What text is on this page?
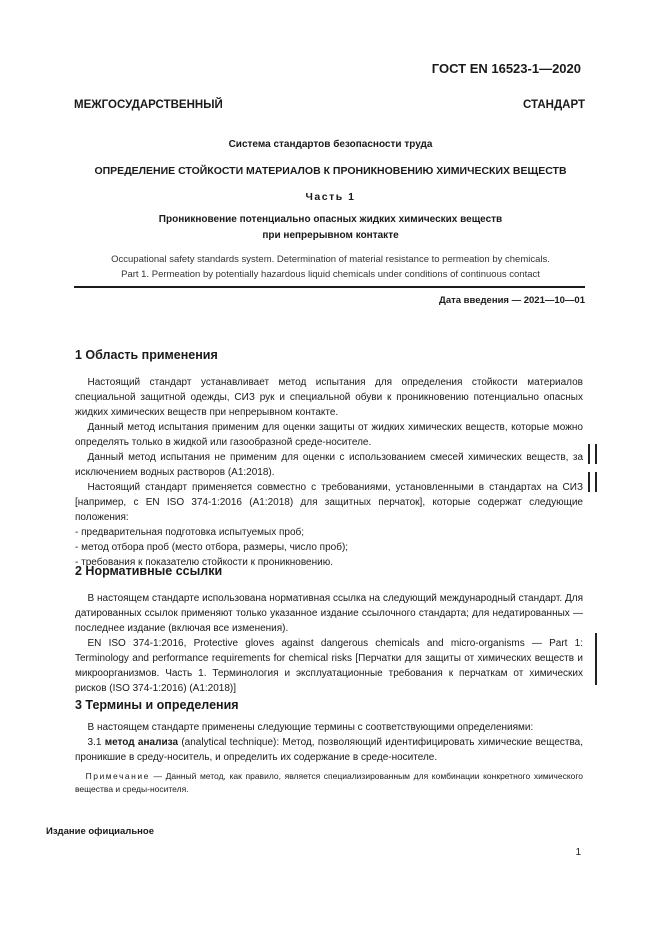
ГОСТ EN 16523-1—2020
МЕЖГОСУДАРСТВЕННЫЙ СТАНДАРТ
Система стандартов безопасности труда
ОПРЕДЕЛЕНИЕ СТОЙКОСТИ МАТЕРИАЛОВ К ПРОНИКНОВЕНИЮ ХИМИЧЕСКИХ ВЕЩЕСТВ
Часть 1
Проникновение потенциально опасных жидких химических веществ
при непрерывном контакте
Occupational safety standards system. Determination of material resistance to permeation by chemicals.
Part 1. Permeation by potentially hazardous liquid chemicals under conditions of continuous contact
Дата введения — 2021—10—01
1 Область применения

Настоящий стандарт устанавливает метод испытания для определения стойкости материалов специальной защитной одежды, СИЗ рук и специальной обуви к проникновению потенциально опасных жидких химических веществ при непрерывном контакте.

Данный метод испытания применим для оценки защиты от жидких химических веществ, которые можно определять только в жидкой или газообразной среде-носителе.

Данный метод испытания не применим для оценки с использованием смесей химических веществ, за исключением водных растворов (A1:2018).

Настоящий стандарт применяется совместно с требованиями, установленными в стандартах на СИЗ [например, с EN ISO 374-1:2016 (A1:2018) для защитных перчаток], которые содержат следующие положения:

- предварительная подготовка испытуемых проб;

- метод отбора проб (место отбора, размеры, число проб);

- требования к показателю стойкости к проникновению.

2 Нормативные ссылки

В настоящем стандарте использована нормативная ссылка на следующий международный стандарт. Для датированных ссылок применяют только указанное издание ссылочного стандарта; для недатированных — последнее издание (включая все изменения).

EN ISO 374-1:2016, Protective gloves against dangerous chemicals and micro-organisms — Part 1: Terminology and performance requirements for chemical risks [Перчатки для защиты от химических веществ и микроорганизмов. Часть 1. Терминология и эксплуатационные требования к перчаткам от химических рисков (ISO 374-1:2016) (A1:2018)]

3 Термины и определения

В настоящем стандарте применены следующие термины с соответствующими определениями:

3.1 метод анализа (analytical technique): Метод, позволяющий идентифицировать химические вещества, проникшие в среду-носитель, и определить их содержание в среде-носителе.

Примечание — Данный метод, как правило, является специализированным для комбинации конкретного химического вещества и среды-носителя.

Издание официальное
1
